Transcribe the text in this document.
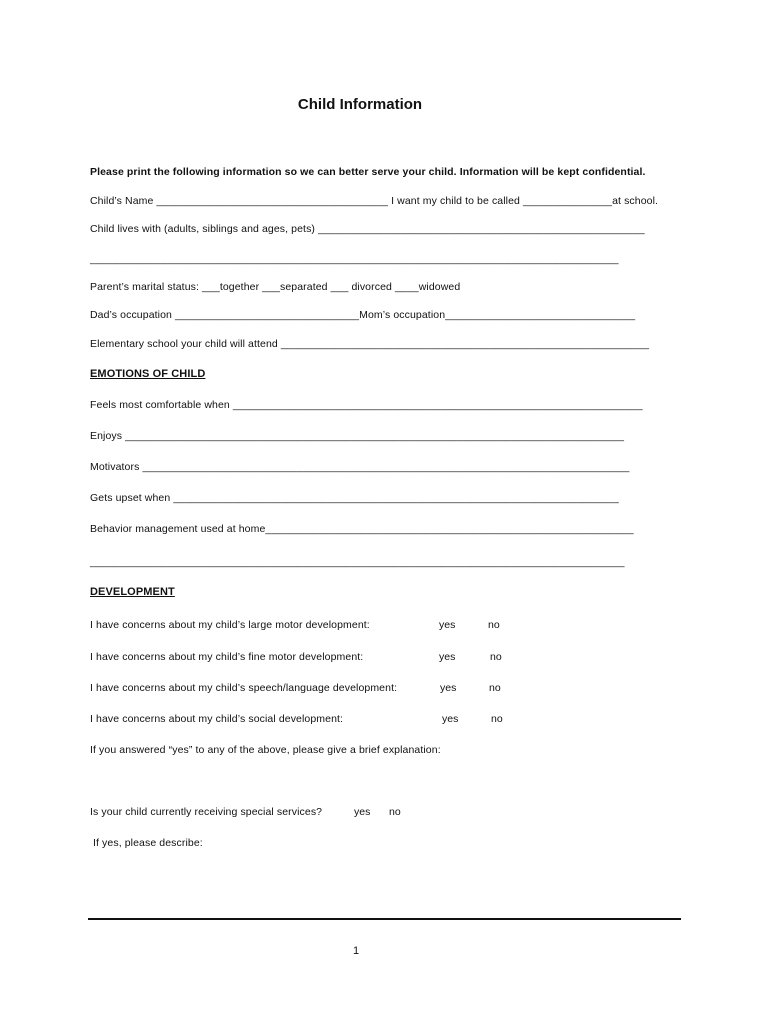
Child Information
Please print the following information so we can better serve your child. Information will be kept confidential.
Child’s Name _______________________________________ I want my child to be called _______________at school.
Child lives with (adults, siblings and ages, pets) _______________________________________________________
_________________________________________________________________________________________
Parent’s marital status: ___together ___separated ___ divorced ____widowed
Dad’s occupation _______________________________Mom’s occupation________________________________
Elementary school your child will attend ______________________________________________________________
EMOTIONS OF CHILD
Feels most comfortable when _____________________________________________________________________
Enjoys ____________________________________________________________________________________
Motivators __________________________________________________________________________________
Gets upset when ___________________________________________________________________________
Behavior management used at home______________________________________________________________
__________________________________________________________________________________________
DEVELOPMENT
I have concerns about my child’s large motor development:	yes	no
I have concerns about my child’s fine motor development:	yes	no
I have concerns about my child’s speech/language development:	yes	no
I have concerns about my child’s social development:	yes	no
If you answered “yes” to any of the above, please give a brief explanation:
Is your child currently receiving special services?	yes no
If yes, please describe:
1
